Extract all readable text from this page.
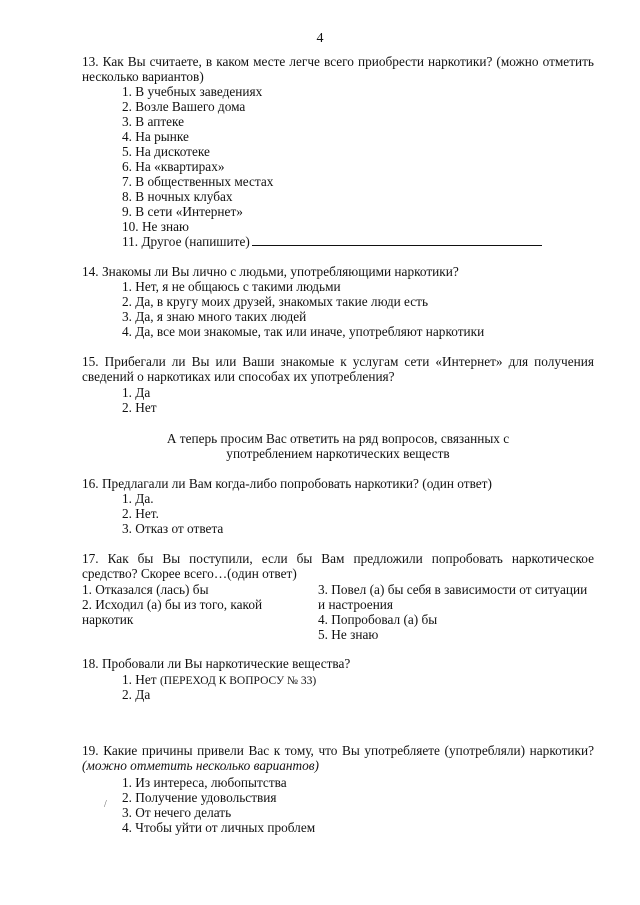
4
13. Как Вы считаете, в каком месте легче всего приобрести наркотики? (можно отметить несколько вариантов)
1. В учебных заведениях
2. Возле Вашего дома
3. В аптеке
4. На рынке
5. На дискотеке
6. На «квартирах»
7. В общественных местах
8. В ночных клубах
9. В сети «Интернет»
10. Не знаю
11. Другое (напишите)
14. Знакомы ли Вы лично с людьми, употребляющими наркотики?
1. Нет, я не общаюсь с такими людьми
2. Да, в кругу моих друзей, знакомых такие люди есть
3. Да, я знаю много таких людей
4. Да, все мои знакомые, так или иначе, употребляют наркотики
15. Прибегали ли Вы или Ваши знакомые к услугам сети «Интернет» для получения сведений о наркотиках или способах их употребления?
1. Да
2. Нет
А теперь просим Вас ответить на ряд вопросов, связанных с употреблением наркотических веществ
16. Предлагали ли Вам когда-либо попробовать наркотики? (один ответ)
1. Да.
2. Нет.
3. Отказ от ответа
17. Как бы Вы поступили, если бы Вам предложили попробовать наркотическое средство? Скорее всего…(один ответ)
1. Отказался (лась) бы
2. Исходил (а) бы из того, какой наркотик
3. Повел (а) бы себя в зависимости от ситуации и настроения
4. Попробовал (а) бы
5. Не знаю
18. Пробовали ли Вы наркотические вещества?
1. Нет (ПЕРЕХОД К ВОПРОСУ № 33)
2. Да
19. Какие причины привели Вас к тому, что Вы употребляете (употребляли) наркотики? (можно отметить несколько вариантов)
1. Из интереса, любопытства
2. Получение удовольствия
3. От нечего делать
4. Чтобы уйти от личных проблем
/
